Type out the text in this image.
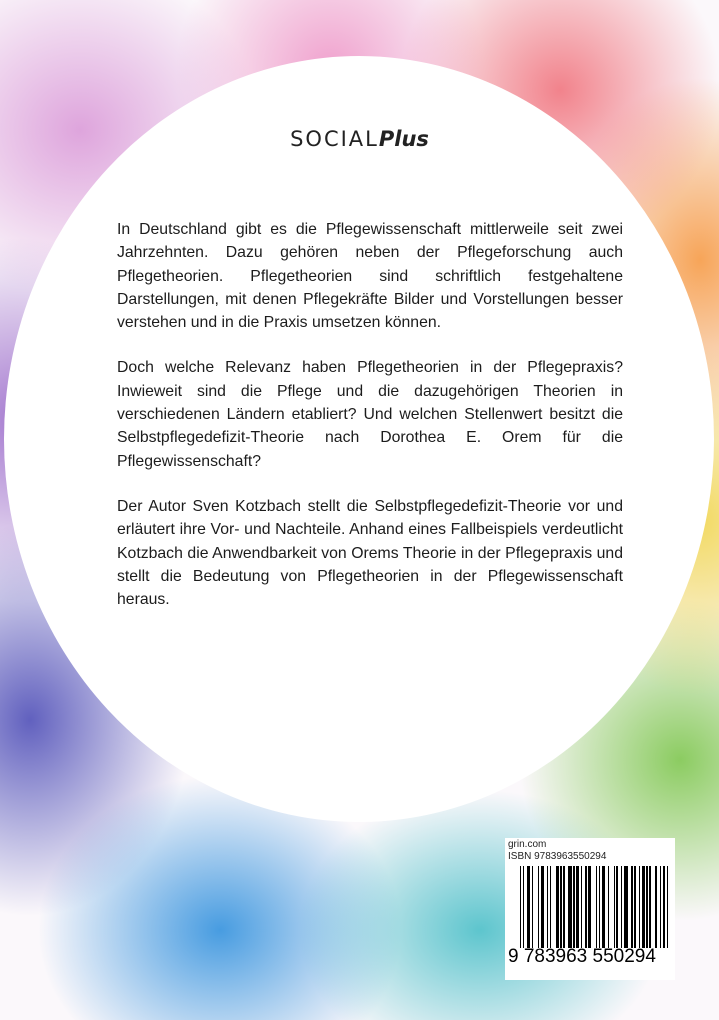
SOCIALPlus

In Deutschland gibt es die Pflegewissenschaft mittlerweile seit zwei Jahrzehnten. Dazu gehören neben der Pflegeforschung auch Pflegetheorien. Pflegetheorien sind schriftlich festgehaltene Darstellungen, mit denen Pflegekräfte Bilder und Vorstellungen besser verstehen und in die Praxis umsetzen können.

Doch welche Relevanz haben Pflegetheorien in der Pflegepraxis? Inwieweit sind die Pflege und die dazugehörigen Theorien in verschiedenen Ländern etabliert? Und welchen Stellenwert besitzt die Selbstpflegedefizit-Theorie nach Dorothea E. Orem für die Pflegewissenschaft?

Der Autor Sven Kotzbach stellt die Selbstpflegedefizit-Theorie vor und erläutert ihre Vor- und Nachteile. Anhand eines Fallbeispiels verdeutlicht Kotzbach die Anwendbarkeit von Orems Theorie in der Pflegepraxis und stellt die Bedeutung von Pflegetheorien in der Pflegewissenschaft heraus.

grin.com
ISBN 9783963550294
9 783963 550294
